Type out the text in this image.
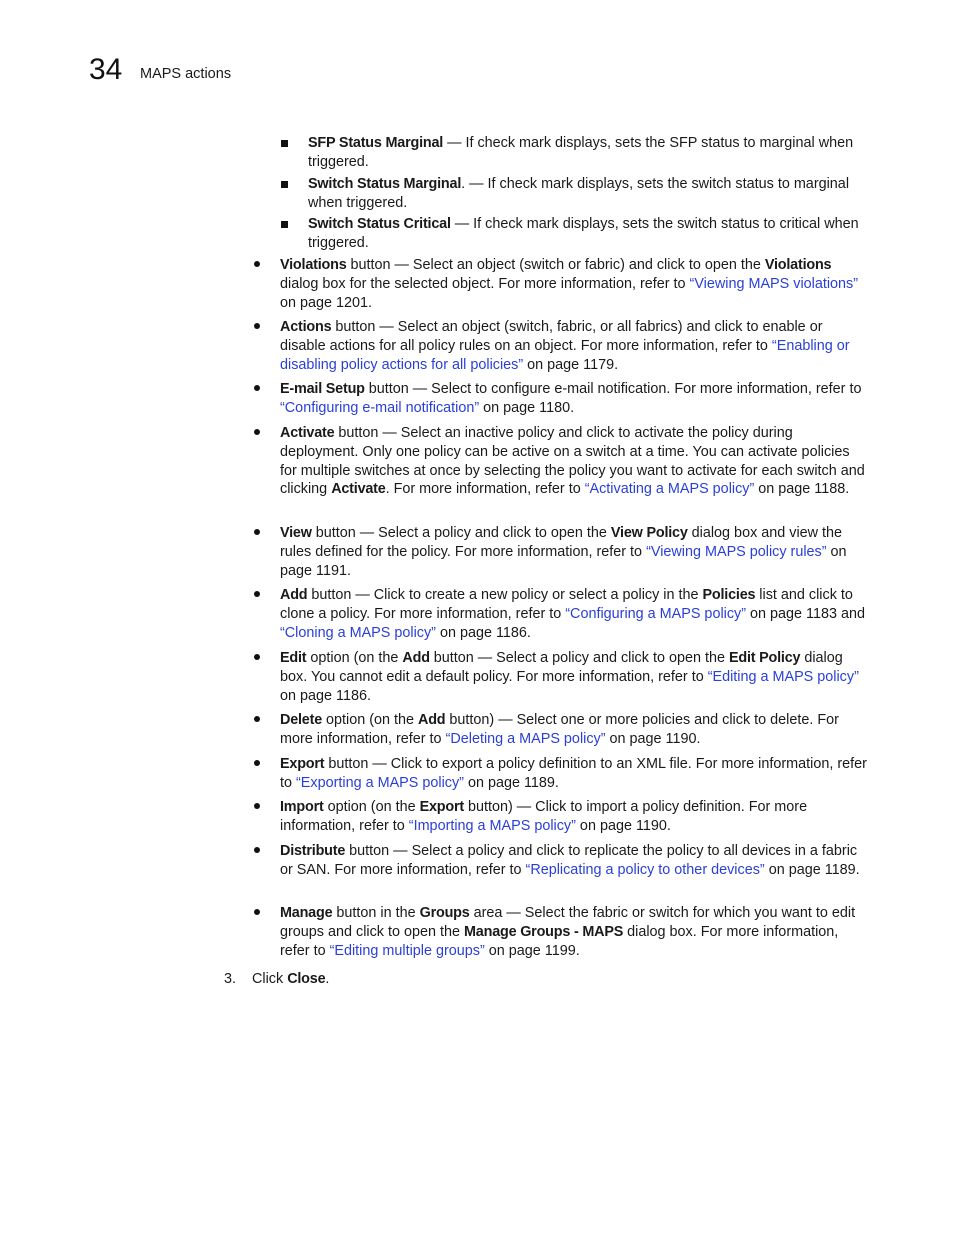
34 MAPS actions
SFP Status Marginal — If check mark displays, sets the SFP status to marginal when triggered.
Switch Status Marginal. — If check mark displays, sets the switch status to marginal when triggered.
Switch Status Critical — If check mark displays, sets the switch status to critical when triggered.
Violations button — Select an object (switch or fabric) and click to open the Violations dialog box for the selected object. For more information, refer to “Viewing MAPS violations” on page 1201.
Actions button — Select an object (switch, fabric, or all fabrics) and click to enable or disable actions for all policy rules on an object. For more information, refer to “Enabling or disabling policy actions for all policies” on page 1179.
E-mail Setup button — Select to configure e-mail notification. For more information, refer to “Configuring e-mail notification” on page 1180.
Activate button — Select an inactive policy and click to activate the policy during deployment. Only one policy can be active on a switch at a time. You can activate policies for multiple switches at once by selecting the policy you want to activate for each switch and clicking Activate. For more information, refer to “Activating a MAPS policy” on page 1188.
View button — Select a policy and click to open the View Policy dialog box and view the rules defined for the policy. For more information, refer to “Viewing MAPS policy rules” on page 1191.
Add button — Click to create a new policy or select a policy in the Policies list and click to clone a policy. For more information, refer to “Configuring a MAPS policy” on page 1183 and “Cloning a MAPS policy” on page 1186.
Edit option (on the Add button — Select a policy and click to open the Edit Policy dialog box. You cannot edit a default policy. For more information, refer to “Editing a MAPS policy” on page 1186.
Delete option (on the Add button) — Select one or more policies and click to delete. For more information, refer to “Deleting a MAPS policy” on page 1190.
Export button — Click to export a policy definition to an XML file. For more information, refer to “Exporting a MAPS policy” on page 1189.
Import option (on the Export button) — Click to import a policy definition. For more information, refer to “Importing a MAPS policy” on page 1190.
Distribute button — Select a policy and click to replicate the policy to all devices in a fabric or SAN. For more information, refer to “Replicating a policy to other devices” on page 1189.
Manage button in the Groups area — Select the fabric or switch for which you want to edit groups and click to open the Manage Groups - MAPS dialog box. For more information, refer to “Editing multiple groups” on page 1199.
3. Click Close.
